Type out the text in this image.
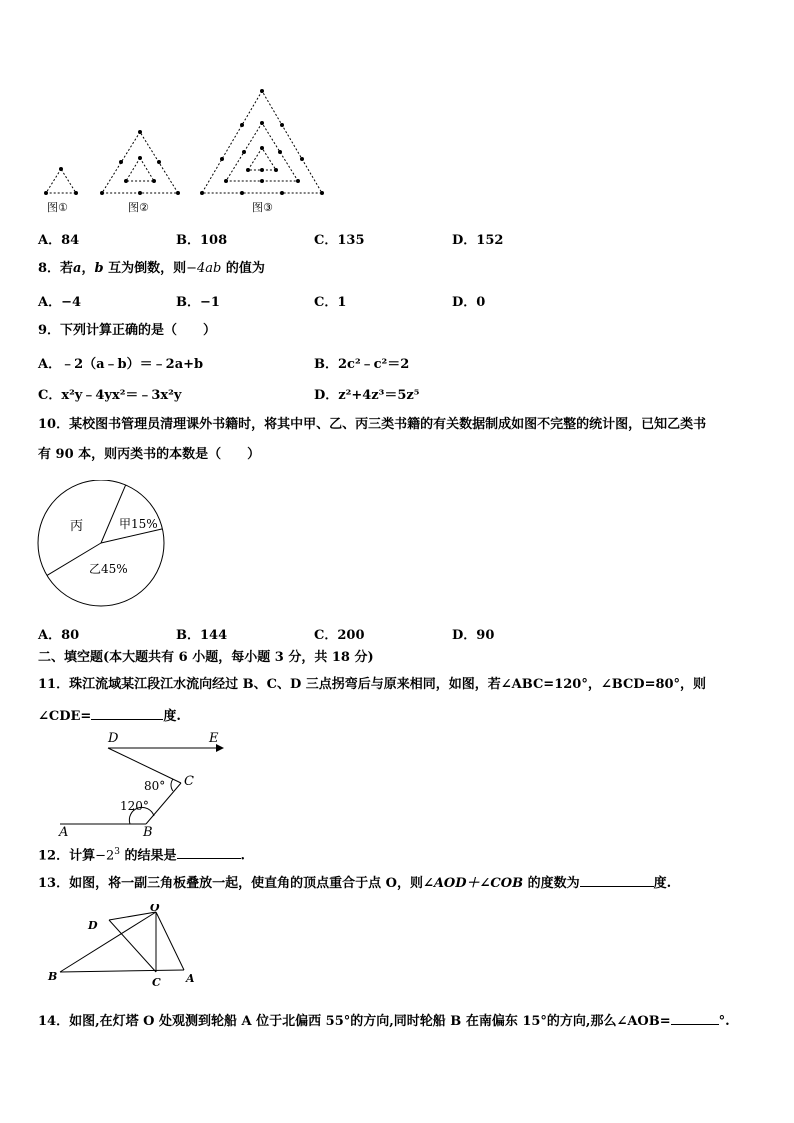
图①	图②	图③
A．84	B．108	C．135	D．152
8．若a，b 互为倒数，则−4ab 的值为
A．−4	B．−1	C．1	D．0
9．下列计算正确的是（　　）
A．﹣2（a﹣b）＝﹣2a+b	B．2c²﹣c²＝2
C．x²y﹣4yx²＝﹣3x²y	D．z²+4z³＝5z⁵
10．某校图书管理员清理课外书籍时，将其中甲、乙、丙三类书籍的有关数据制成如图不完整的统计图，已知乙类书
有 90 本，则丙类书的本数是（　　）
丙	甲15%
乙45%
A．80	B．144	C．200	D．90
二、填空题(本大题共有 6 小题，每小题 3 分，共 18 分)
11．珠江流域某江段江水流向经过 B、C、D 三点拐弯后与原来相同，如图，若∠ABC=120°，∠BCD=80°，则
∠CDE=	度.
D	E
C
A	B
80°
120°
12．计算$-2^3$ 的结果是	.
13．如图，将一副三角板叠放一起，使直角的顶点重合于点 O，则∠AOD＋∠COB 的度数为	度.
O
D
B	C A
14．如图,在灯塔 O 处观测到轮船 A 位于北偏西 55°的方向,同时轮船 B 在南偏东 15°的方向,那么∠AOB=	°.
